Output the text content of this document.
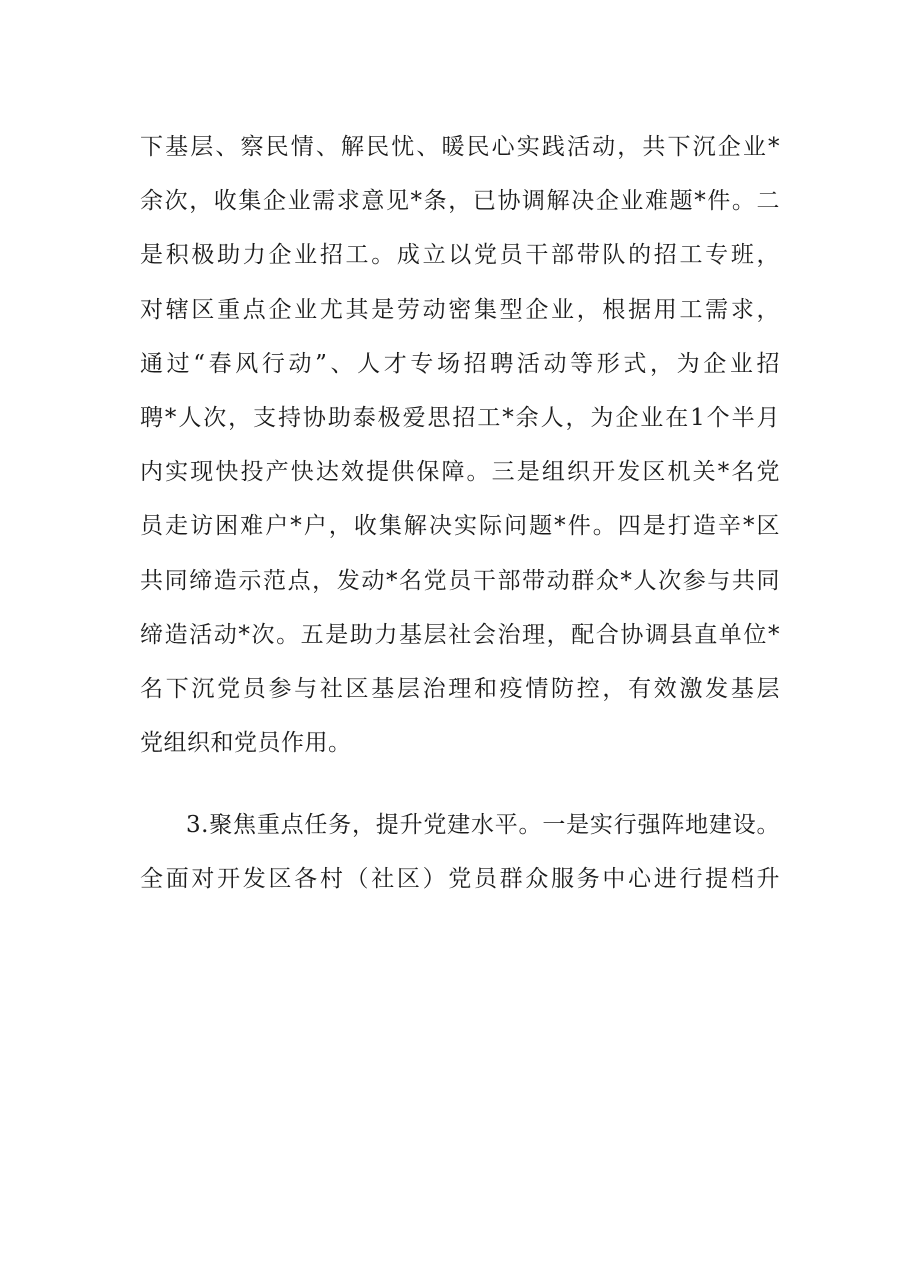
下基层、察民情、解民忧、暖民心实践活动，共下沉企业*
余次，收集企业需求意见*条，已协调解决企业难题*件。二
是积极助力企业招工。成立以党员干部带队的招工专班，
对辖区重点企业尤其是劳动密集型企业，根据用工需求，
通过“春风行动”、人才专场招聘活动等形式，为企业招
聘*人次，支持协助泰极爱思招工*余人，为企业在1个半月
内实现快投产快达效提供保障。三是组织开发区机关*名党
员走访困难户*户，收集解决实际问题*件。四是打造辛*区
共同缔造示范点，发动*名党员干部带动群众*人次参与共同
缔造活动*次。五是助力基层社会治理，配合协调县直单位*
名下沉党员参与社区基层治理和疫情防控，有效激发基层
党组织和党员作用。
3.聚焦重点任务，提升党建水平。一是实行强阵地建设。
全面对开发区各村（社区）党员群众服务中心进行提档升
